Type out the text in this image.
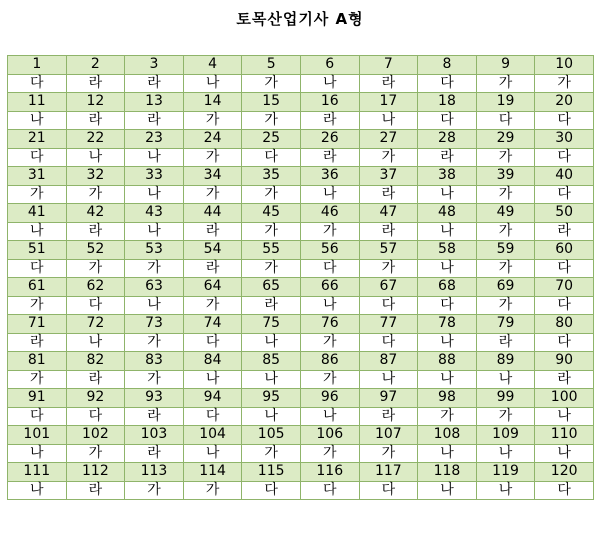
토목산업기사 A형
1	2	3	4	5	6	7	8	9	10
다	라	라	나	가	나	라	다	가	가
11	12	13	14	15	16	17	18	19	20
나	라	라	가	가	라	나	다	다	다
21	22	23	24	25	26	27	28	29	30
다	나	나	가	다	라	가	라	가	다
31	32	33	34	35	36	37	38	39	40
가	가	나	가	가	나	라	나	가	다
41	42	43	44	45	46	47	48	49	50
나	라	나	라	가	가	라	나	가	라
51	52	53	54	55	56	57	58	59	60
다	가	가	라	가	다	가	나	가	다
61	62	63	64	65	66	67	68	69	70
가	다	나	가	라	나	다	다	가	다
71	72	73	74	75	76	77	78	79	80
라	나	가	다	나	가	다	나	라	다
81	82	83	84	85	86	87	88	89	90
가	라	가	나	나	가	나	나	나	라
91	92	93	94	95	96	97	98	99	100
다	다	라	다	나	나	라	가	가	나
101	102	103	104	105	106	107	108	109	110
나	가	라	나	가	가	가	나	나	나
111	112	113	114	115	116	117	118	119	120
나	라	가	가	다	다	다	나	나	다
